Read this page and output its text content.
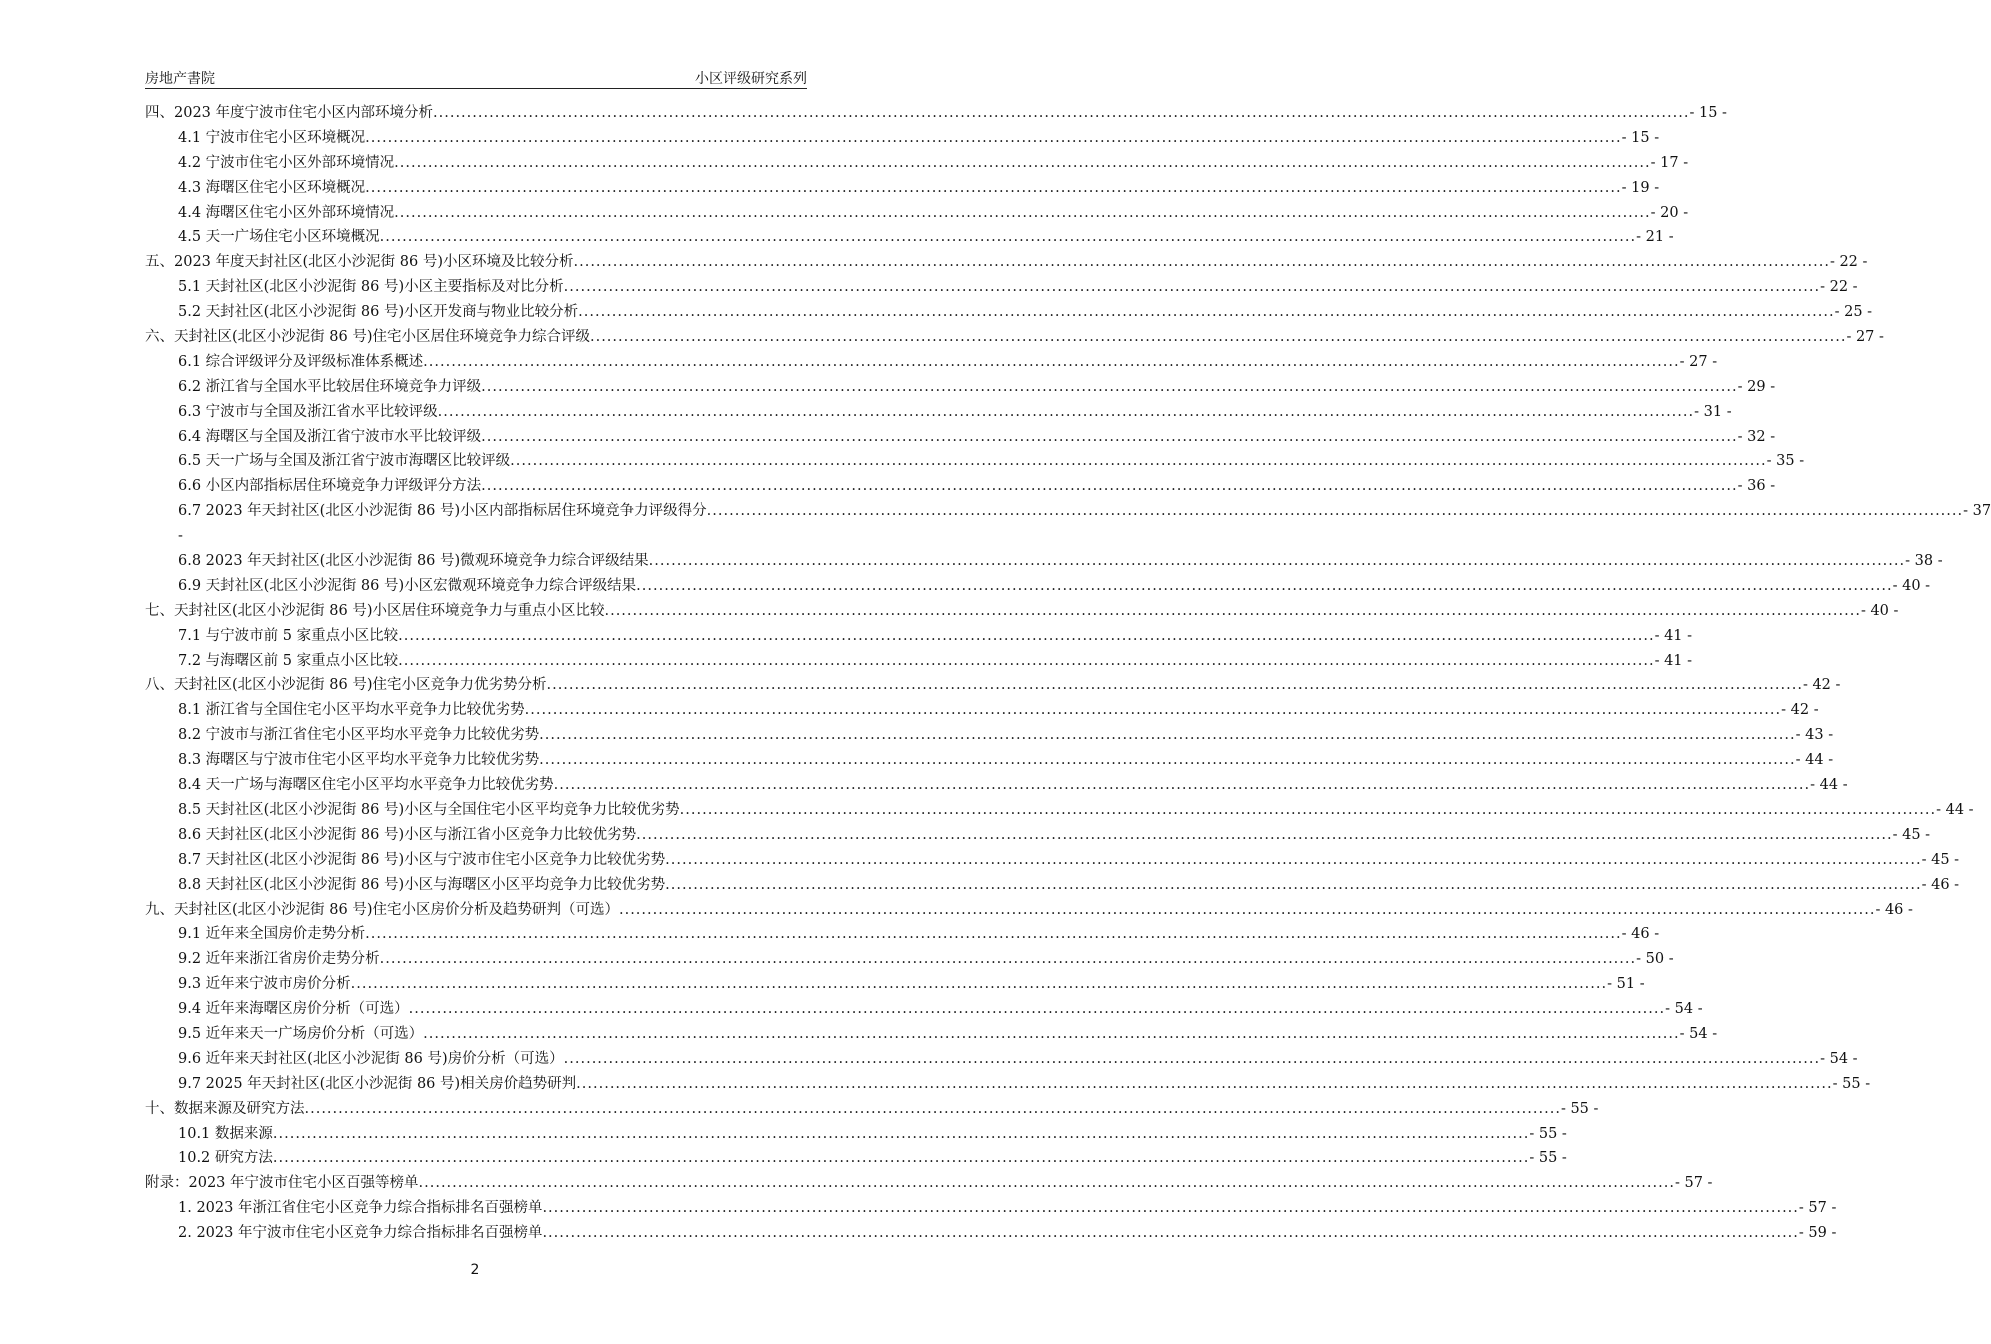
房地产書院	小区评级研究系列
四、2023 年度宁波市住宅小区内部环境分析 .....	- 15 -
4.1 宁波市住宅小区环境概况 .....	- 15 -
4.2 宁波市住宅小区外部环境情况 .....	- 17 -
4.3 海曙区住宅小区环境概况 .....	- 19 -
4.4 海曙区住宅小区外部环境情况 .....	- 20 -
4.5 天一广场住宅小区环境概况 .....	- 21 -
五、2023 年度天封社区(北区小沙泥街 86 号)小区环境及比较分析 .....	- 22 -
5.1 天封社区(北区小沙泥街 86 号)小区主要指标及对比分析 .....	- 22 -
5.2 天封社区(北区小沙泥街 86 号)小区开发商与物业比较分析 .....	- 25 -
六、天封社区(北区小沙泥街 86 号)住宅小区居住环境竞争力综合评级 .....	- 27 -
6.1 综合评级评分及评级标准体系概述 .....	- 27 -
6.2 浙江省与全国水平比较居住环境竞争力评级 .....	- 29 -
6.3 宁波市与全国及浙江省水平比较评级 .....	- 31 -
6.4 海曙区与全国及浙江省宁波市水平比较评级 .....	- 32 -
6.5 天一广场与全国及浙江省宁波市海曙区比较评级 .....	- 35 -
6.6 小区内部指标居住环境竞争力评级评分方法 .....	- 36 -
6.7 2023 年天封社区(北区小沙泥街 86 号)小区内部指标居住环境竞争力评级得分 .....	- 37
-
6.8 2023 年天封社区(北区小沙泥街 86 号)微观环境竞争力综合评级结果 .....	- 38 -
6.9 天封社区(北区小沙泥街 86 号)小区宏微观环境竞争力综合评级结果 .....	- 40 -
七、天封社区(北区小沙泥街 86 号)小区居住环境竞争力与重点小区比较 .....	- 40 -
7.1 与宁波市前 5 家重点小区比较 .....	- 41 -
7.2 与海曙区前 5 家重点小区比较 .....	- 41 -
八、天封社区(北区小沙泥街 86 号)住宅小区竞争力优劣势分析 .....	- 42 -
8.1 浙江省与全国住宅小区平均水平竞争力比较优劣势 .....	- 42 -
8.2 宁波市与浙江省住宅小区平均水平竞争力比较优劣势 .....	- 43 -
8.3 海曙区与宁波市住宅小区平均水平竞争力比较优劣势 .....	- 44 -
8.4 天一广场与海曙区住宅小区平均水平竞争力比较优劣势 .....	- 44 -
8.5 天封社区(北区小沙泥街 86 号)小区与全国住宅小区平均竞争力比较优劣势 .....	- 44 -
8.6 天封社区(北区小沙泥街 86 号)小区与浙江省小区竞争力比较优劣势 .....	- 45 -
8.7 天封社区(北区小沙泥街 86 号)小区与宁波市住宅小区竞争力比较优劣势 .....	- 45 -
8.8 天封社区(北区小沙泥街 86 号)小区与海曙区小区平均竞争力比较优劣势 .....	- 46 -
九、天封社区(北区小沙泥街 86 号)住宅小区房价分析及趋势研判（可选） .....	- 46 -
9.1 近年来全国房价走势分析 .....	- 46 -
9.2 近年来浙江省房价走势分析 .....	- 50 -
9.3 近年来宁波市房价分析 .....	- 51 -
9.4 近年来海曙区房价分析（可选） .....	- 54 -
9.5 近年来天一广场房价分析（可选） .....	- 54 -
9.6 近年来天封社区(北区小沙泥街 86 号)房价分析（可选） .....	- 54 -
9.7 2025 年天封社区(北区小沙泥街 86 号)相关房价趋势研判 .....	- 55 -
十、数据来源及研究方法 .....	- 55 -
10.1 数据来源 .....	- 55 -
10.2 研究方法 .....	- 55 -
附录：2023 年宁波市住宅小区百强等榜单 .....	- 57 -
1. 2023 年浙江省住宅小区竞争力综合指标排名百强榜单 .....	- 57 -
2. 2023 年宁波市住宅小区竞争力综合指标排名百强榜单 .....	- 59 -
2
